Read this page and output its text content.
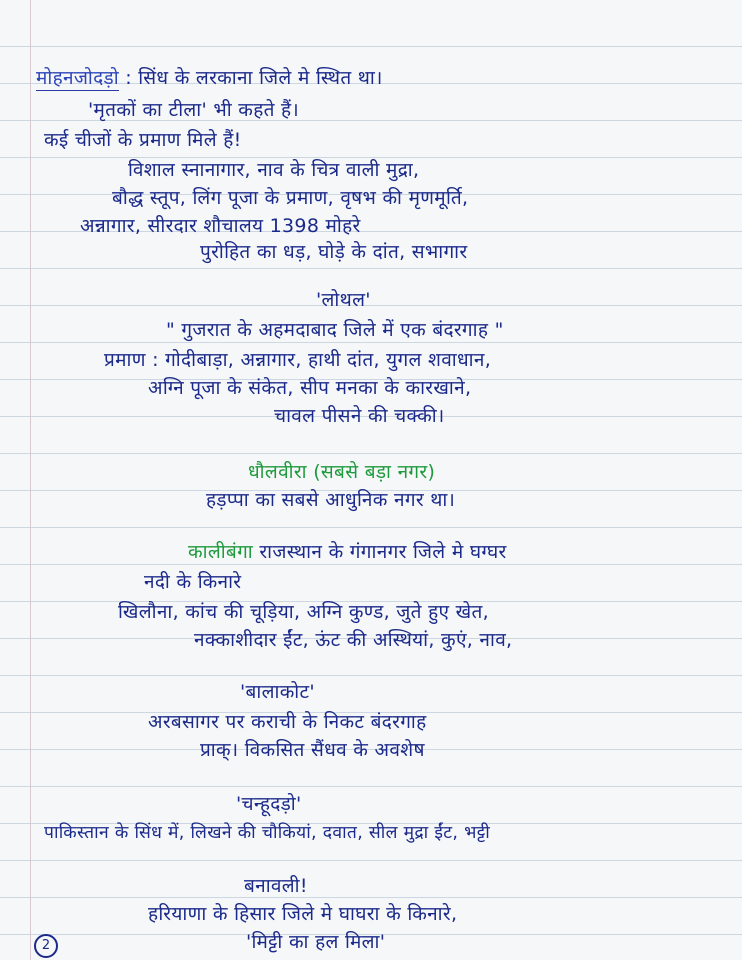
मोहनजोदड़ो : सिंध के लरकाना जिले मे स्थित था।
'मृतकों का टीला' भी कहते हैं।
कई चीजों के प्रमाण मिले हैं!
विशाल स्नानागार, नाव के चित्र वाली मुद्रा,
बौद्ध स्तूप, लिंग पूजा के प्रमाण, वृषभ की मृणमूर्ति,
अन्नागार, सीरदार शौचालय 1398 मोहरे
पुरोहित का धड़, घोड़े के दांत, सभागार
'लोथल'
" गुजरात के अहमदाबाद जिले में एक बंदरगाह "
प्रमाण : गोदीबाड़ा, अन्नागार, हाथी दांत, युगल शवाधान,
अग्नि पूजा के संकेत, सीप मनका के कारखाने,
चावल पीसने की चक्की।
धौलवीरा (सबसे बड़ा नगर)
हड़प्पा का सबसे आधुनिक नगर था।
कालीबंगा राजस्थान के गंगानगर जिले मे घग्घर
नदी के किनारे
खिलौना, कांच की चूड़िया, अग्नि कुण्ड, जुते हुए खेत,
नक्काशीदार ईंट, ऊंट की अस्थियां, कुएं, नाव,
'बालाकोट'
अरबसागर पर कराची के निकट बंदरगाह
प्राक्। विकसित सैंधव के अवशेष
'चन्हूदड़ो'
पाकिस्तान के सिंध में, लिखने की चौकियां, दवात, सील मुद्रा ईंट, भट्टी
बनावली!
हरियाणा के हिसार जिले मे घाघरा के किनारे,
'मिट्टी का हल मिला'
2
